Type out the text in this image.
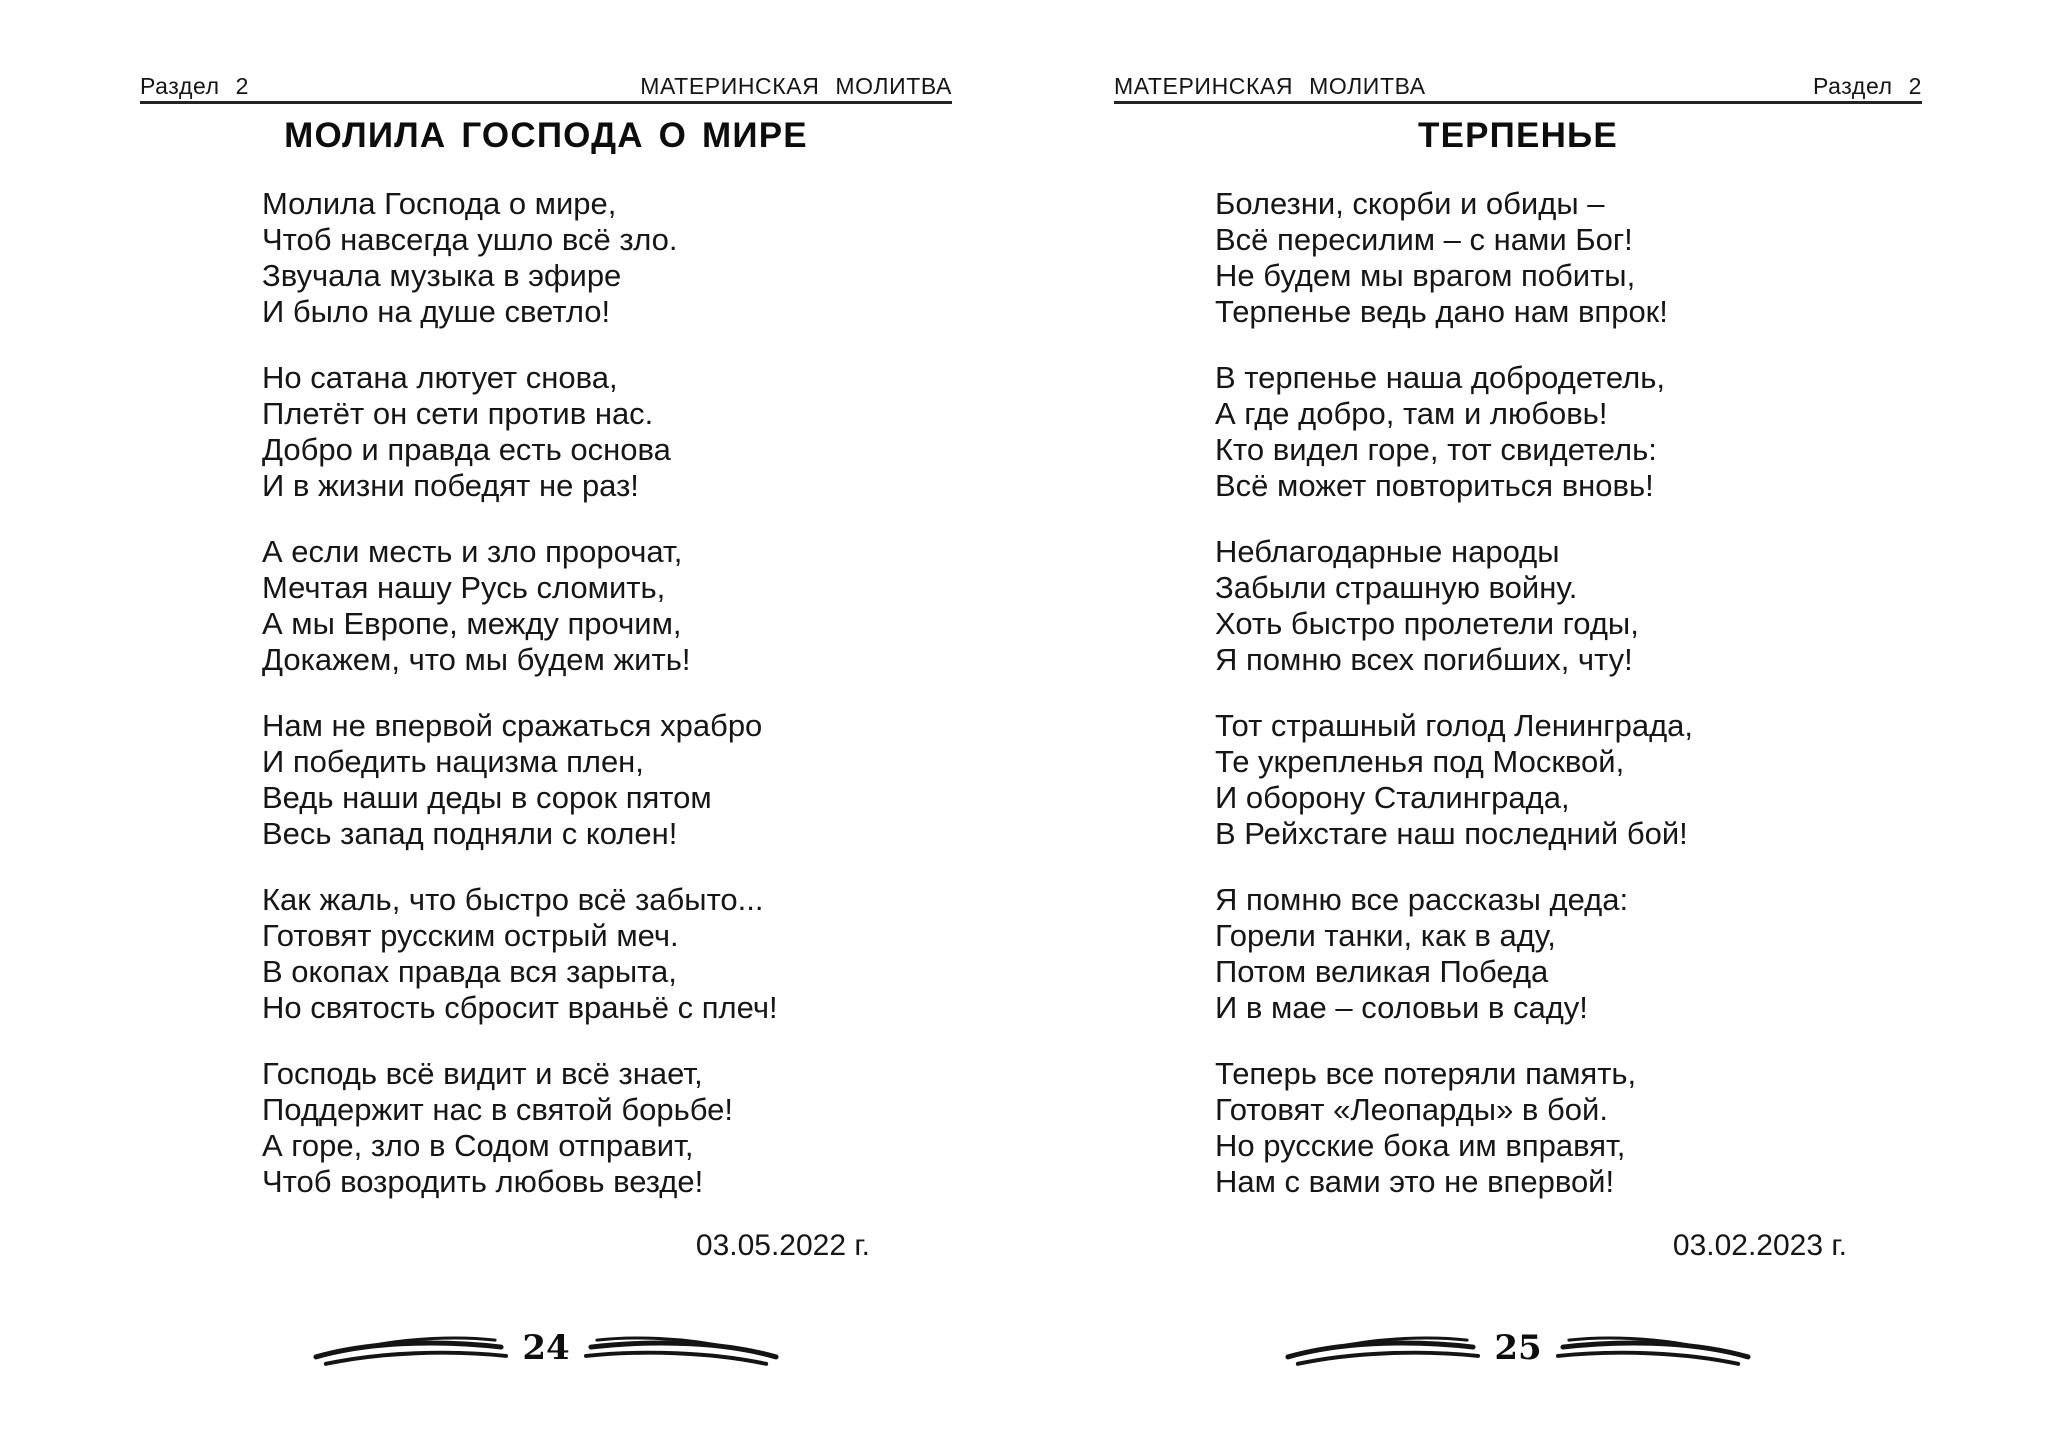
Раздел 2	МАТЕРИНСКАЯ МОЛИТВА
МОЛИЛА ГОСПОДА О МИРЕ
Молила Господа о мире,
Чтоб навсегда ушло всё зло.
Звучала музыка в эфире
И было на душе светло!
Но сатана лютует снова,
Плетёт он сети против нас.
Добро и правда есть основа
И в жизни победят не раз!
А если месть и зло пророчат,
Мечтая нашу Русь сломить,
А мы Европе, между прочим,
Докажем, что мы будем жить!
Нам не впервой сражаться храбро
И победить нацизма плен,
Ведь наши деды в сорок пятом
Весь запад подняли с колен!
Как жаль, что быстро всё забыто...
Готовят русским острый меч.
В окопах правда вся зарыта,
Но святость сбросит враньё с плеч!
Господь всё видит и всё знает,
Поддержит нас в святой борьбе!
А горе, зло в Содом отправит,
Чтоб возродить любовь везде!
03.05.2022 г.
24
МАТЕРИНСКАЯ МОЛИТВА	Раздел 2
ТЕРПЕНЬЕ
Болезни, скорби и обиды –
Всё пересилим – с нами Бог!
Не будем мы врагом побиты,
Терпенье ведь дано нам впрок!
В терпенье наша добродетель,
А где добро, там и любовь!
Кто видел горе, тот свидетель:
Всё может повториться вновь!
Неблагодарные народы
Забыли страшную войну.
Хоть быстро пролетели годы,
Я помню всех погибших, чту!
Тот страшный голод Ленинграда,
Те укрепленья под Москвой,
И оборону Сталинграда,
В Рейхстаге наш последний бой!
Я помню все рассказы деда:
Горели танки, как в аду,
Потом великая Победа
И в мае – соловьи в саду!
Теперь все потеряли память,
Готовят «Леопарды» в бой.
Но русские бока им вправят,
Нам с вами это не впервой!
03.02.2023 г.
25
